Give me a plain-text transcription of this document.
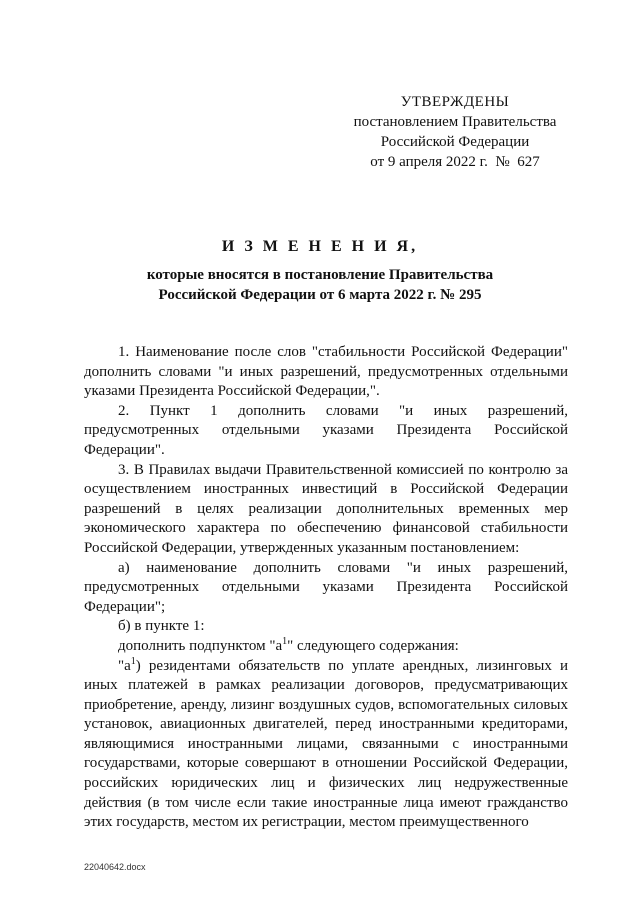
УТВЕРЖДЕНЫ
постановлением Правительства
Российской Федерации
от 9 апреля 2022 г.  №  627
И З М Е Н Е Н И Я,
которые вносятся в постановление Правительства
Российской Федерации от 6 марта 2022 г. № 295

1. Наименование после слов "стабильности Российской Федерации" дополнить словами "и иных разрешений, предусмотренных отдельными указами Президента Российской Федерации,".

2. Пункт 1 дополнить словами "и иных разрешений, предусмотренных отдельными указами Президента Российской Федерации".

3. В Правилах выдачи Правительственной комиссией по контролю за осуществлением иностранных инвестиций в Российской Федерации разрешений в целях реализации дополнительных временных мер экономического характера по обеспечению финансовой стабильности Российской Федерации, утвержденных указанным постановлением:

а) наименование дополнить словами "и иных разрешений, предусмотренных отдельными указами Президента Российской Федерации";

б) в пункте 1:

дополнить подпунктом "$а^1$" следующего содержания:

"$а^1$) резидентами обязательств по уплате арендных, лизинговых и иных платежей в рамках реализации договоров, предусматривающих приобретение, аренду, лизинг воздушных судов, вспомогательных силовых установок, авиационных двигателей, перед иностранными кредиторами, являющимися иностранными лицами, связанными с иностранными государствами, которые совершают в отношении Российской Федерации, российских юридических лиц и физических лиц недружественные действия (в том числе если такие иностранные лица имеют гражданство этих государств, местом их регистрации, местом преимущественного

22040642.docx
